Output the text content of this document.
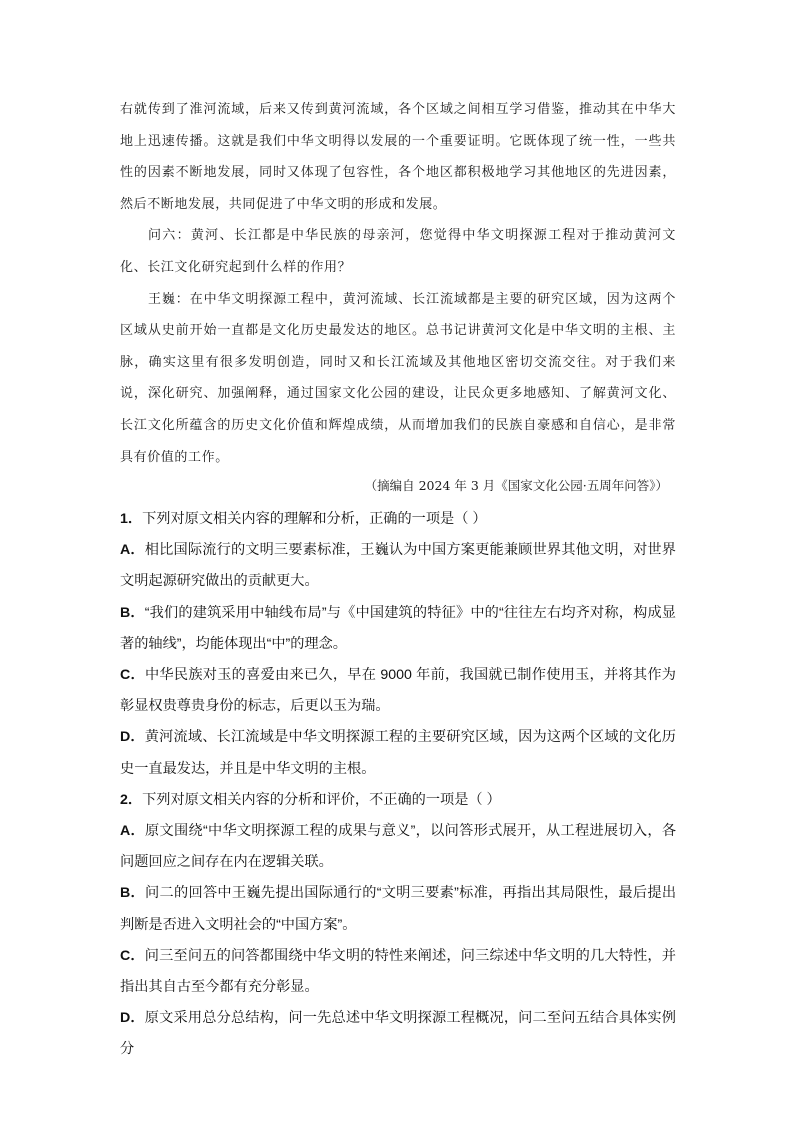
右就传到了淮河流域，后来又传到黄河流域，各个区域之间相互学习借鉴，推动其在中华大地上迅速传播。这就是我们中华文明得以发展的一个重要证明。它既体现了统一性，一些共性的因素不断地发展，同时又体现了包容性，各个地区都积极地学习其他地区的先进因素，然后不断地发展，共同促进了中华文明的形成和发展。

问六：黄河、长江都是中华民族的母亲河，您觉得中华文明探源工程对于推动黄河文化、长江文化研究起到什么样的作用？

王巍：在中华文明探源工程中，黄河流域、长江流域都是主要的研究区域，因为这两个区域从史前开始一直都是文化历史最发达的地区。总书记讲黄河文化是中华文明的主根、主脉，确实这里有很多发明创造，同时又和长江流域及其他地区密切交流交往。对于我们来说，深化研究、加强阐释，通过国家文化公园的建设，让民众更多地感知、了解黄河文化、长江文化所蕴含的历史文化价值和辉煌成绩，从而增加我们的民族自豪感和自信心，是非常具有价值的工作。

（摘编自 2024 年 3 月《国家文化公园·五周年问答》）

1．下列对原文相关内容的理解和分析，正确的一项是（ ）

A．相比国际流行的文明三要素标准，王巍认为中国方案更能兼顾世界其他文明，对世界文明起源研究做出的贡献更大。

B．“我们的建筑采用中轴线布局”与《中国建筑的特征》中的“往往左右均齐对称，构成显著的轴线”，均能体现出“中”的理念。

C．中华民族对玉的喜爱由来已久，早在 9000 年前，我国就已制作使用玉，并将其作为彰显权贵尊贵身份的标志，后更以玉为瑞。

D．黄河流域、长江流域是中华文明探源工程的主要研究区域，因为这两个区域的文化历史一直最发达，并且是中华文明的主根。

2．下列对原文相关内容的分析和评价，不正确的一项是（ ）

A．原文围绕“中华文明探源工程的成果与意义”，以问答形式展开，从工程进展切入，各问题回应之间存在内在逻辑关联。

B．问二的回答中王巍先提出国际通行的“文明三要素”标准，再指出其局限性，最后提出判断是否进入文明社会的“中国方案”。

C．问三至问五的问答都围绕中华文明的特性来阐述，问三综述中华文明的几大特性，并指出其自古至今都有充分彰显。

D．原文采用总分总结构，问一先总述中华文明探源工程概况，问二至问五结合具体实例分
